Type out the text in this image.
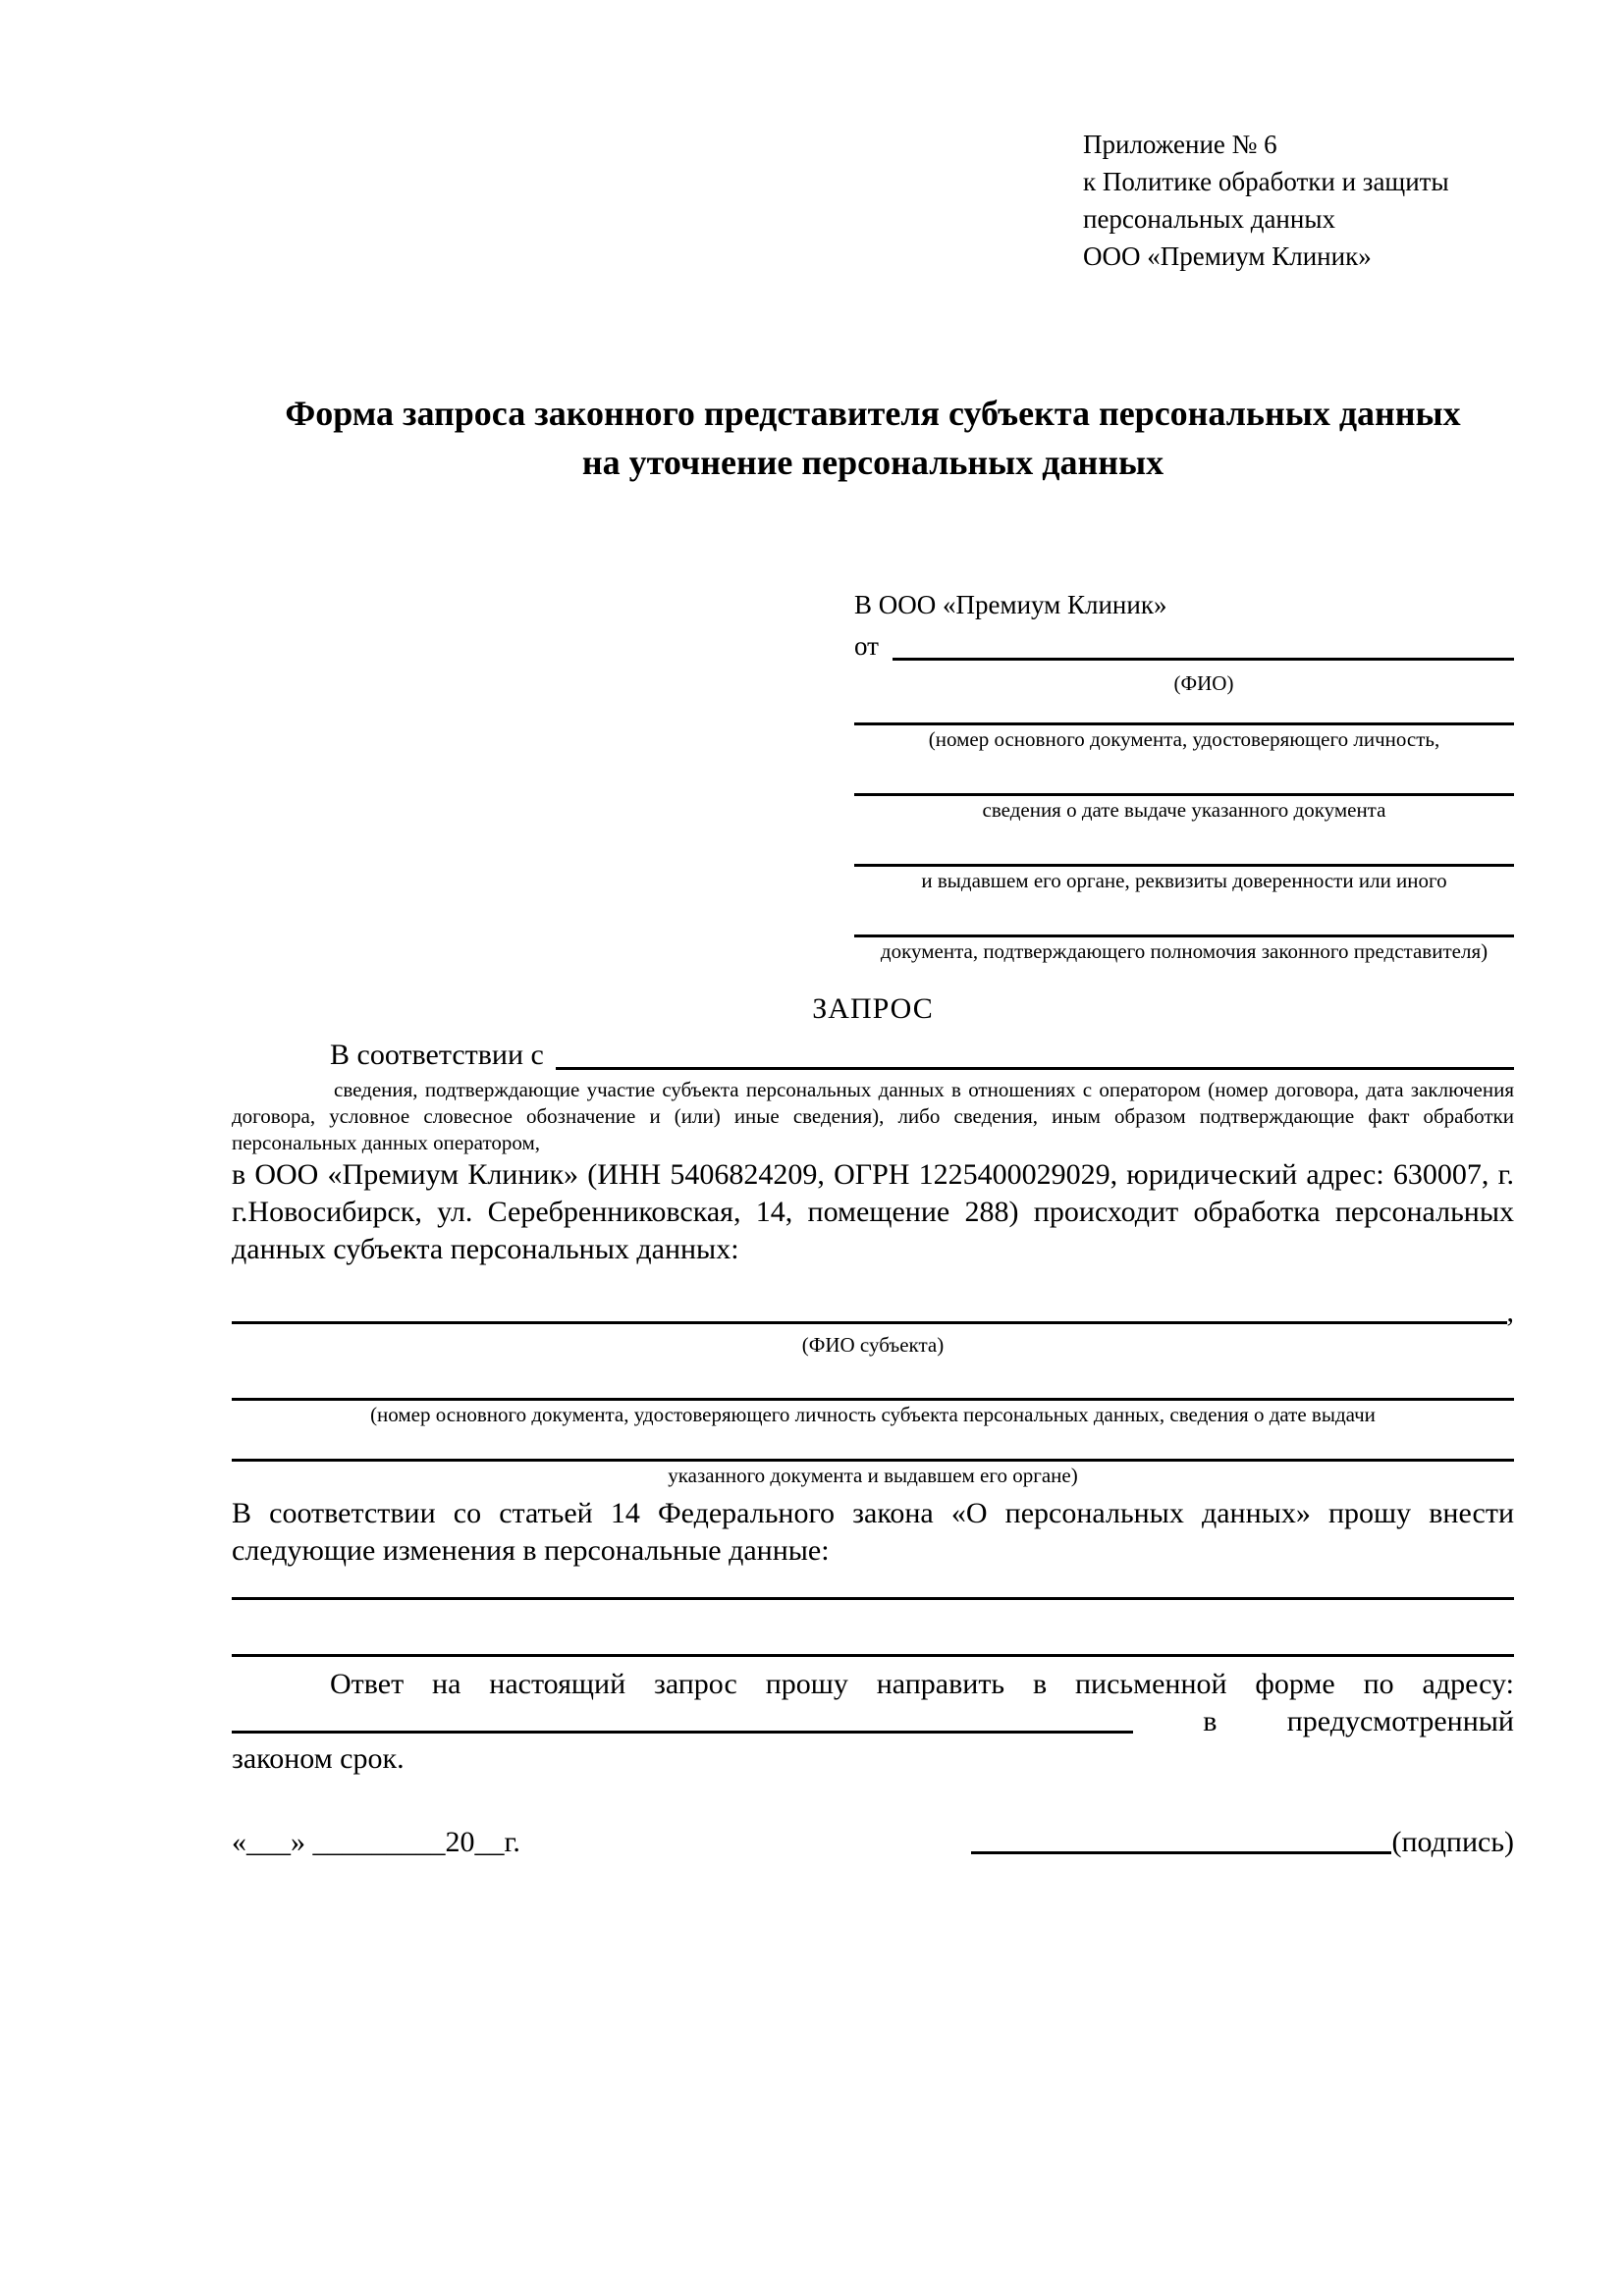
Приложение № 6
к Политике обработки и защиты
персональных данных
ООО «Премиум Клиник»
Форма запроса законного представителя субъекта персональных данных
на уточнение персональных данных
В ООО «Премиум Клиник»
от
(ФИО)
(номер основного документа, удостоверяющего личность,
сведения о дате выдаче указанного документа
и выдавшем его органе, реквизиты доверенности или иного
документа, подтверждающего полномочия законного представителя)
ЗАПРОС
В соответствии с
сведения, подтверждающие участие субъекта персональных данных в отношениях с оператором (номер договора, дата заключения договора, условное словесное обозначение и (или) иные сведения), либо сведения, иным образом подтверждающие факт обработки персональных данных оператором,

в ООО «Премиум Клиник» (ИНН 5406824209, ОГРН 1225400029029, юридический адрес: 630007, г. г.Новосибирск, ул. Серебренниковская, 14, помещение 288) происходит обработка персональных данных субъекта персональных данных:

,
(ФИО субъекта)
(номер основного документа, удостоверяющего личность субъекта персональных данных, сведения о дате выдачи
указанного документа и выдавшем его органе)

В соответствии со статьей 14 Федерального закона «О персональных данных» прошу внести следующие изменения в персональные данные:

Ответ на настоящий запрос прошу направить в письменной форме по адресу:
в предусмотренный
законом срок.
«___» _________20__г.	(подпись)
